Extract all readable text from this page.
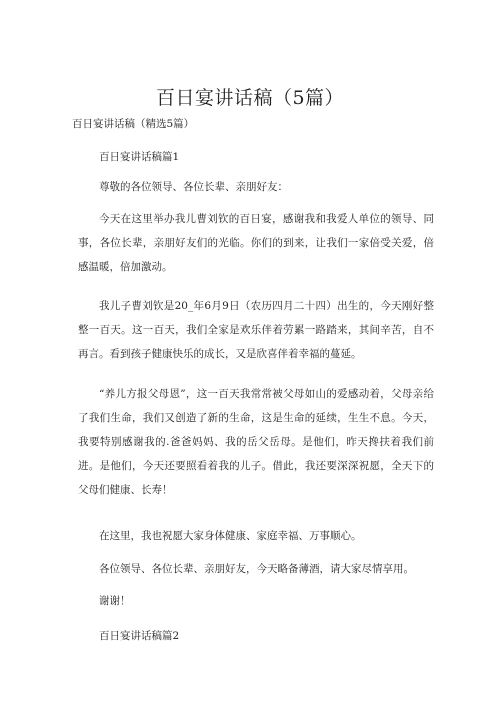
百日宴讲话稿（5篇）
百日宴讲话稿（精选5篇）
百日宴讲话稿篇1
尊敬的各位领导、各位长辈、亲朋好友：

今天在这里举办我儿曹刘钦的百日宴，感谢我和我爱人单位的领导、同事，各位长辈，亲朋好友们的光临。你们的到来，让我们一家倍受关爱，倍感温暖，倍加激动。

我儿子曹刘钦是20_年6月9日（农历四月二十四）出生的，今天刚好整整一百天。这一百天，我们全家是欢乐伴着劳累一路踏来，其间辛苦，自不再言。看到孩子健康快乐的成长，又是欣喜伴着幸福的蔓延。

“养儿方报父母恩”，这一百天我常常被父母如山的爱感动着，父母亲给了我们生命，我们又创造了新的生命，这是生命的延续，生生不息。今天，我要特别感谢我的.爸爸妈妈、我的岳父岳母。是他们，昨天搀扶着我们前进。是他们，今天还要照看着我的儿子。借此，我还要深深祝愿，全天下的父母们健康、长寿！

在这里，我也祝愿大家身体健康、家庭幸福、万事顺心。
各位领导、各位长辈、亲朋好友，今天略备薄酒，请大家尽情享用。
谢谢！
百日宴讲话稿篇2
